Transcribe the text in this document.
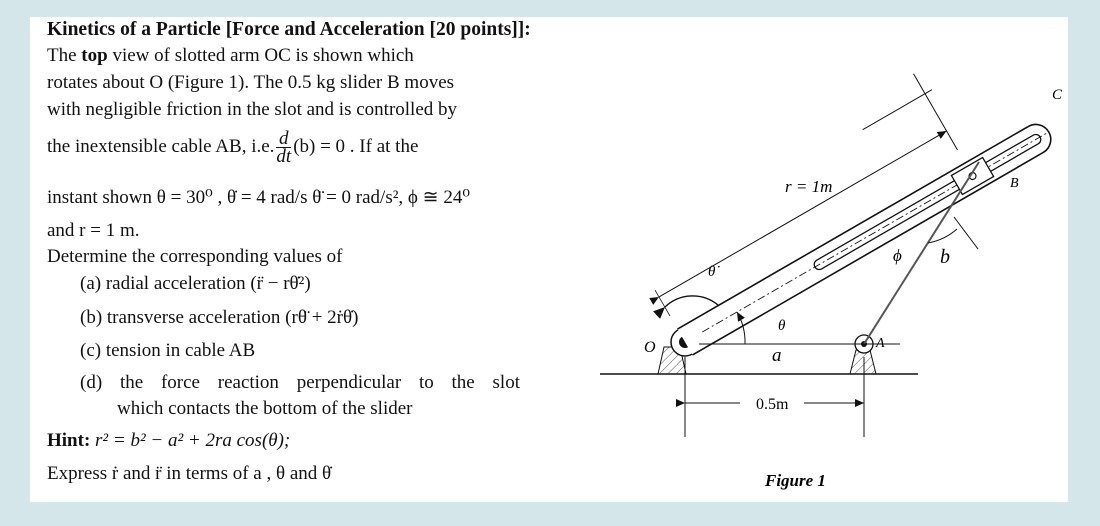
Kinetics of a Particle [Force and Acceleration [20 points]]:
The top view of slotted arm OC is shown which
rotates about O (Figure 1). The 0.5 kg slider B moves
with negligible friction in the slot and is controlled by
the inextensible cable AB, i.e. $\frac{d}{dt} (b) = 0$ . If at the
instant shown θ = 30⁰ , θ̇ = 4 rad/s θ̈ = 0 rad/s², ϕ ≅ 24⁰
and r = 1 m.
Determine the corresponding values of
(a) radial acceleration (r̈ − rθ̇²)
(b) transverse acceleration (rθ̈ + 2ṙθ̇)
(c) tension in cable AB
(d) the force reaction perpendicular to the slot
which contacts the bottom of the slider
Hint: r² = b² − a² + 2ra cos(θ);
Express ṙ and r̈ in terms of a , θ and θ̇
O
C
B
A
b
r = 1m
θ̇
θ
a
ϕ
0.5m
Figure 1
